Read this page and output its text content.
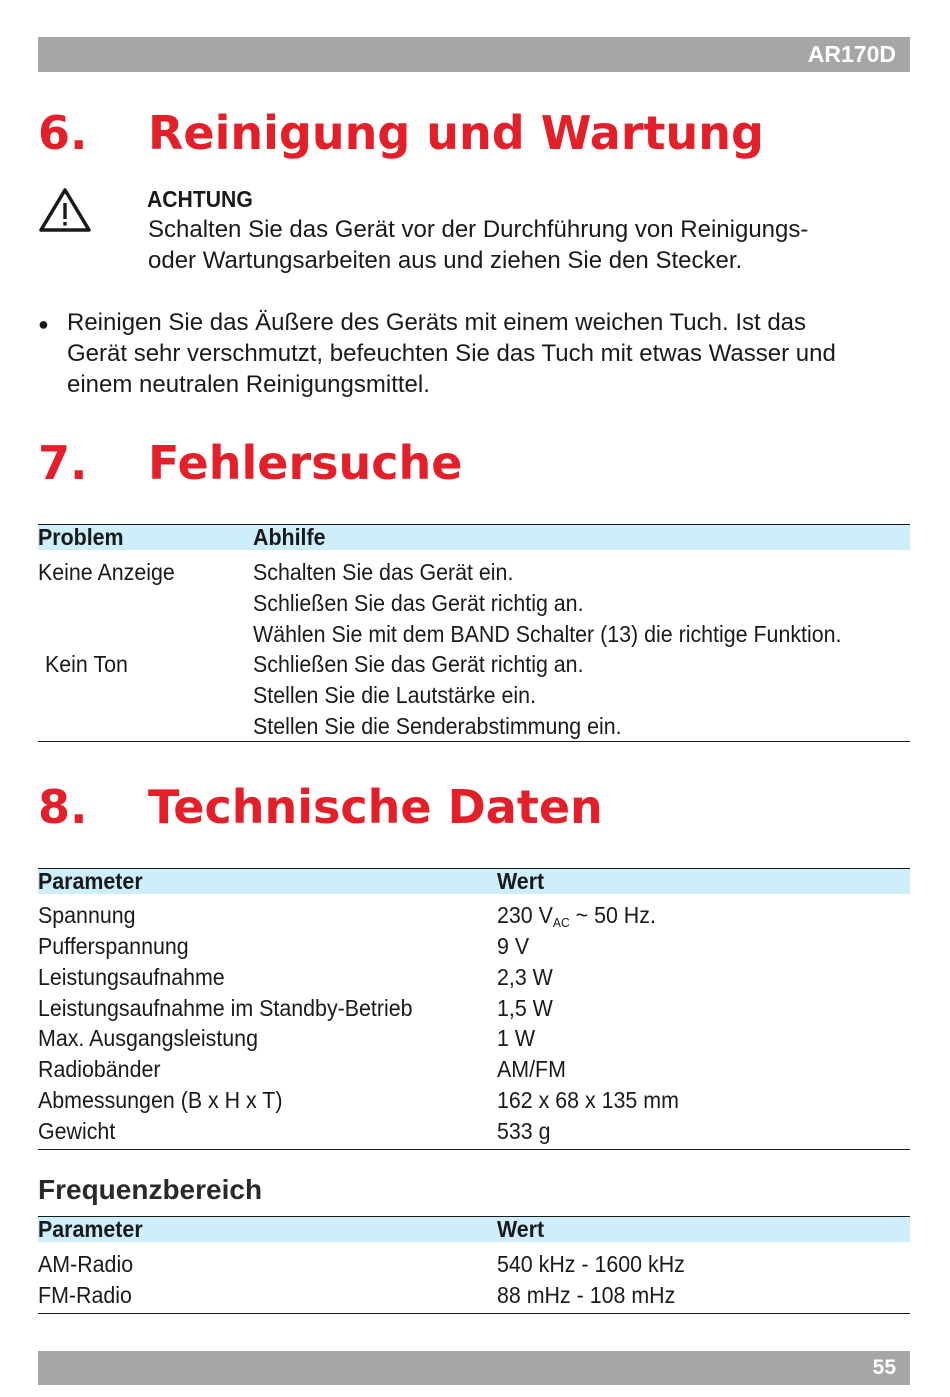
AR170D
6. Reinigung und Wartung
ACHTUNG
Schalten Sie das Gerät vor der Durchführung von Reinigungs-
oder Wartungsarbeiten aus und ziehen Sie den Stecker.
● Reinigen Sie das Äußere des Geräts mit einem weichen Tuch. Ist das
Gerät sehr verschmutzt, befeuchten Sie das Tuch mit etwas Wasser und
einem neutralen Reinigungsmittel.
7. Fehlersuche
Problem	Abhilfe
Keine Anzeige	Schalten Sie das Gerät ein.
Schließen Sie das Gerät richtig an.
Wählen Sie mit dem BAND Schalter (13) die richtige Funktion.
Kein Ton	Schließen Sie das Gerät richtig an.
Stellen Sie die Lautstärke ein.
Stellen Sie die Senderabstimmung ein.
8. Technische Daten
Parameter	Wert
Spannung	230 $V_{AC}$ ~ 50 Hz.
Pufferspannung	9 V
Leistungsaufnahme	2,3 W
Leistungsaufnahme im Standby-Betrieb	1,5 W
Max. Ausgangsleistung	1 W
Radiobänder	AM/FM
Abmessungen (B x H x T)	162 x 68 x 135 mm
Gewicht	533 g
Frequenzbereich
Parameter	Wert
AM-Radio	540 kHz - 1600 kHz
FM-Radio	88 mHz - 108 mHz
55
